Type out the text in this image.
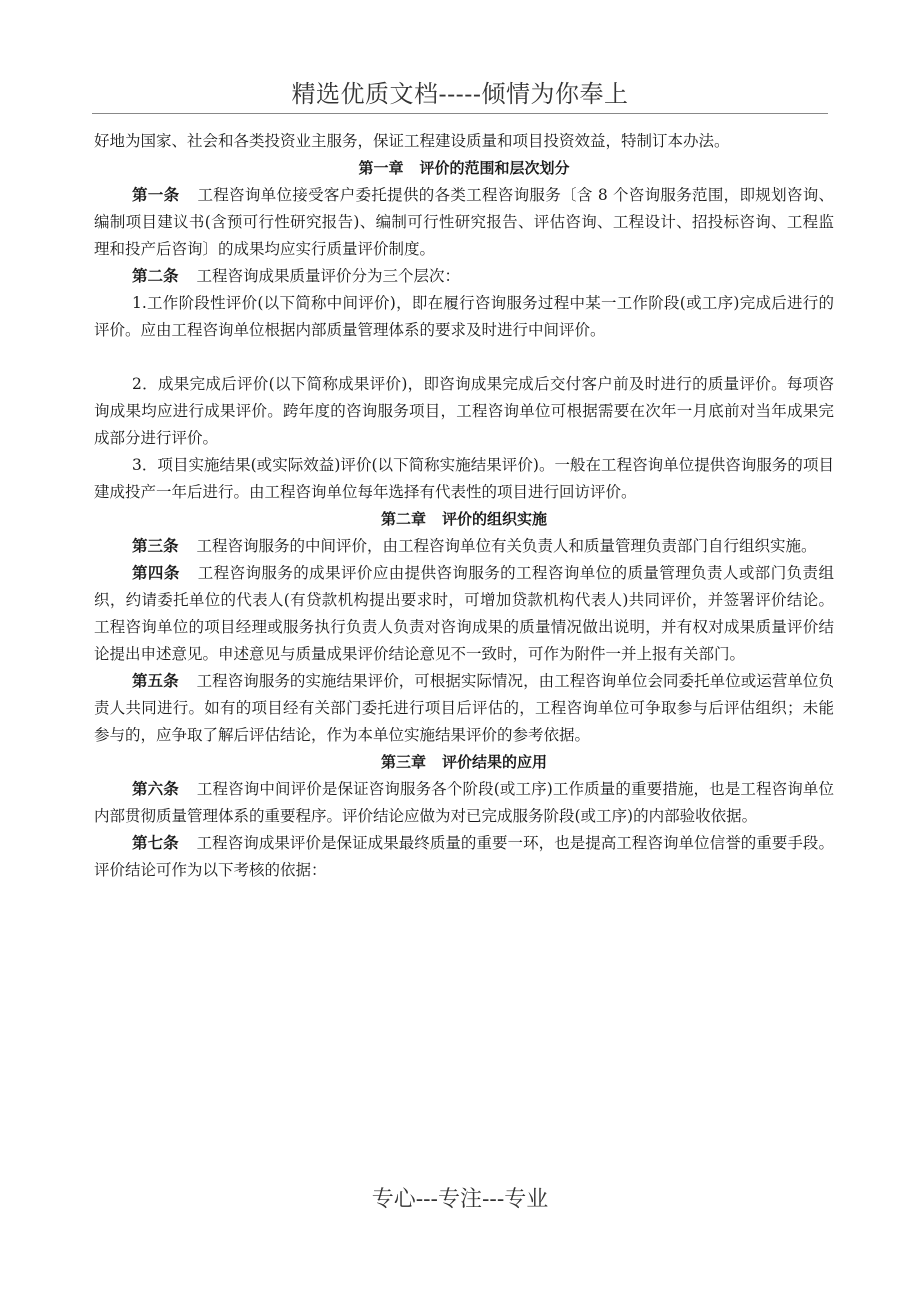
精选优质文档-----倾情为你奉上

好地为国家、社会和各类投资业主服务，保证工程建设质量和项目投资效益，特制订本办法。

第一章 评价的范围和层次划分

第一条 工程咨询单位接受客户委托提供的各类工程咨询服务〔含 8 个咨询服务范围，即规划咨询、编制项目建议书(含预可行性研究报告)、编制可行性研究报告、评估咨询、工程设计、招投标咨询、工程监理和投产后咨询〕的成果均应实行质量评价制度。

第二条 工程咨询成果质量评价分为三个层次：

1.工作阶段性评价(以下简称中间评价)，即在履行咨询服务过程中某一工作阶段(或工序)完成后进行的评价。应由工程咨询单位根据内部质量管理体系的要求及时进行中间评价。

2．成果完成后评价(以下简称成果评价)，即咨询成果完成后交付客户前及时进行的质量评价。每项咨询成果均应进行成果评价。跨年度的咨询服务项目，工程咨询单位可根据需要在次年一月底前对当年成果完成部分进行评价。

3．项目实施结果(或实际效益)评价(以下简称实施结果评价)。一般在工程咨询单位提供咨询服务的项目建成投产一年后进行。由工程咨询单位每年选择有代表性的项目进行回访评价。

第二章 评价的组织实施

第三条 工程咨询服务的中间评价，由工程咨询单位有关负责人和质量管理负责部门自行组织实施。

第四条 工程咨询服务的成果评价应由提供咨询服务的工程咨询单位的质量管理负责人或部门负责组织，约请委托单位的代表人(有贷款机构提出要求时，可增加贷款机构代表人)共同评价，并签署评价结论。工程咨询单位的项目经理或服务执行负责人负责对咨询成果的质量情况做出说明，并有权对成果质量评价结论提出申述意见。申述意见与质量成果评价结论意见不一致时，可作为附件一并上报有关部门。

第五条 工程咨询服务的实施结果评价，可根据实际情况，由工程咨询单位会同委托单位或运营单位负责人共同进行。如有的项目经有关部门委托进行项目后评估的，工程咨询单位可争取参与后评估组织；未能参与的，应争取了解后评估结论，作为本单位实施结果评价的参考依据。

第三章 评价结果的应用

第六条 工程咨询中间评价是保证咨询服务各个阶段(或工序)工作质量的重要措施，也是工程咨询单位内部贯彻质量管理体系的重要程序。评价结论应做为对已完成服务阶段(或工序)的内部验收依据。

第七条 工程咨询成果评价是保证成果最终质量的重要一环，也是提高工程咨询单位信誉的重要手段。评价结论可作为以下考核的依据：

专心---专注---专业
